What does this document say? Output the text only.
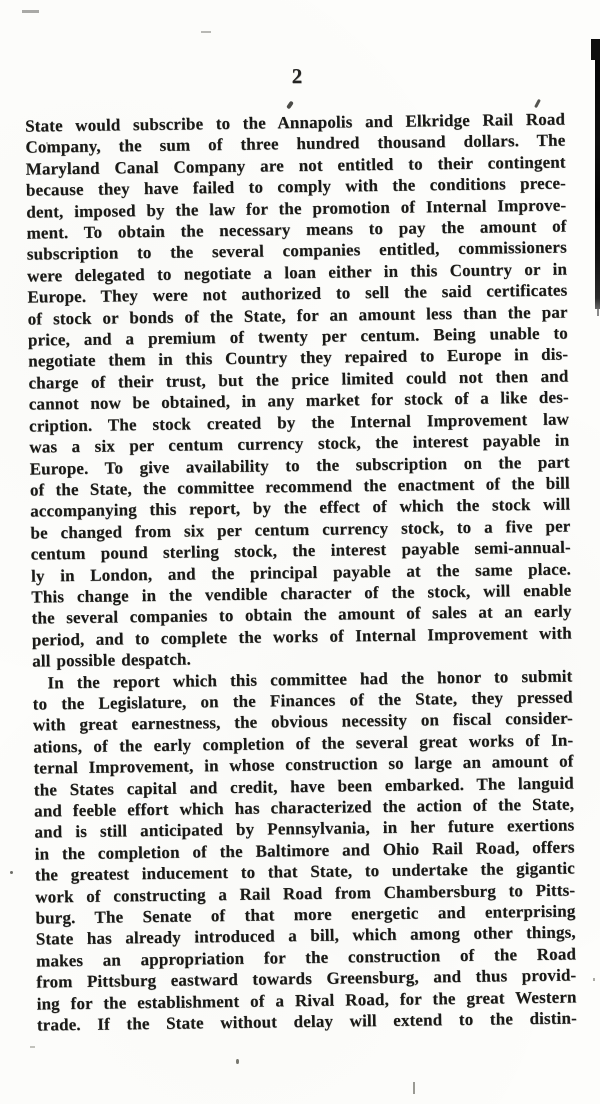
2
State would subscribe to the Annapolis and Elkridge Rail Road
Company, the sum of three hundred thousand dollars. The
Maryland Canal Company are not entitled to their contingent
because they have failed to comply with the conditions prece-
dent, imposed by the law for the promotion of Internal Improve-
ment. To obtain the necessary means to pay the amount of
subscription to the several companies entitled, commissioners
were delegated to negotiate a loan either in this Country or in
Europe. They were not authorized to sell the said certificates
of stock or bonds of the State, for an amount less than the par
price, and a premium of twenty per centum. Being unable to
negotiate them in this Country they repaired to Europe in dis-
charge of their trust, but the price limited could not then and
cannot now be obtained, in any market for stock of a like des-
cription. The stock created by the Internal Improvement law
was a six per centum currency stock, the interest payable in
Europe. To give availability to the subscription on the part
of the State, the committee recommend the enactment of the bill
accompanying this report, by the effect of which the stock will
be changed from six per centum currency stock, to a five per
centum pound sterling stock, the interest payable semi-annual-
ly in London, and the principal payable at the same place.
This change in the vendible character of the stock, will enable
the several companies to obtain the amount of sales at an early
period, and to complete the works of Internal Improvement with
all possible despatch.
In the report which this committee had the honor to submit
to the Legislature, on the Finances of the State, they pressed
with great earnestness, the obvious necessity on fiscal consider-
ations, of the early completion of the several great works of In-
ternal Improvement, in whose construction so large an amount of
the States capital and credit, have been embarked. The languid
and feeble effort which has characterized the action of the State,
and is still anticipated by Pennsylvania, in her future exertions
in the completion of the Baltimore and Ohio Rail Road, offers
the greatest inducement to that State, to undertake the gigantic
work of constructing a Rail Road from Chambersburg to Pitts-
burg. The Senate of that more energetic and enterprising
State has already introduced a bill, which among other things,
makes an appropriation for the construction of the Road
from Pittsburg eastward towards Greensburg, and thus provid-
ing for the establishment of a Rival Road, for the great Western
trade. If the State without delay will extend to the distin-
